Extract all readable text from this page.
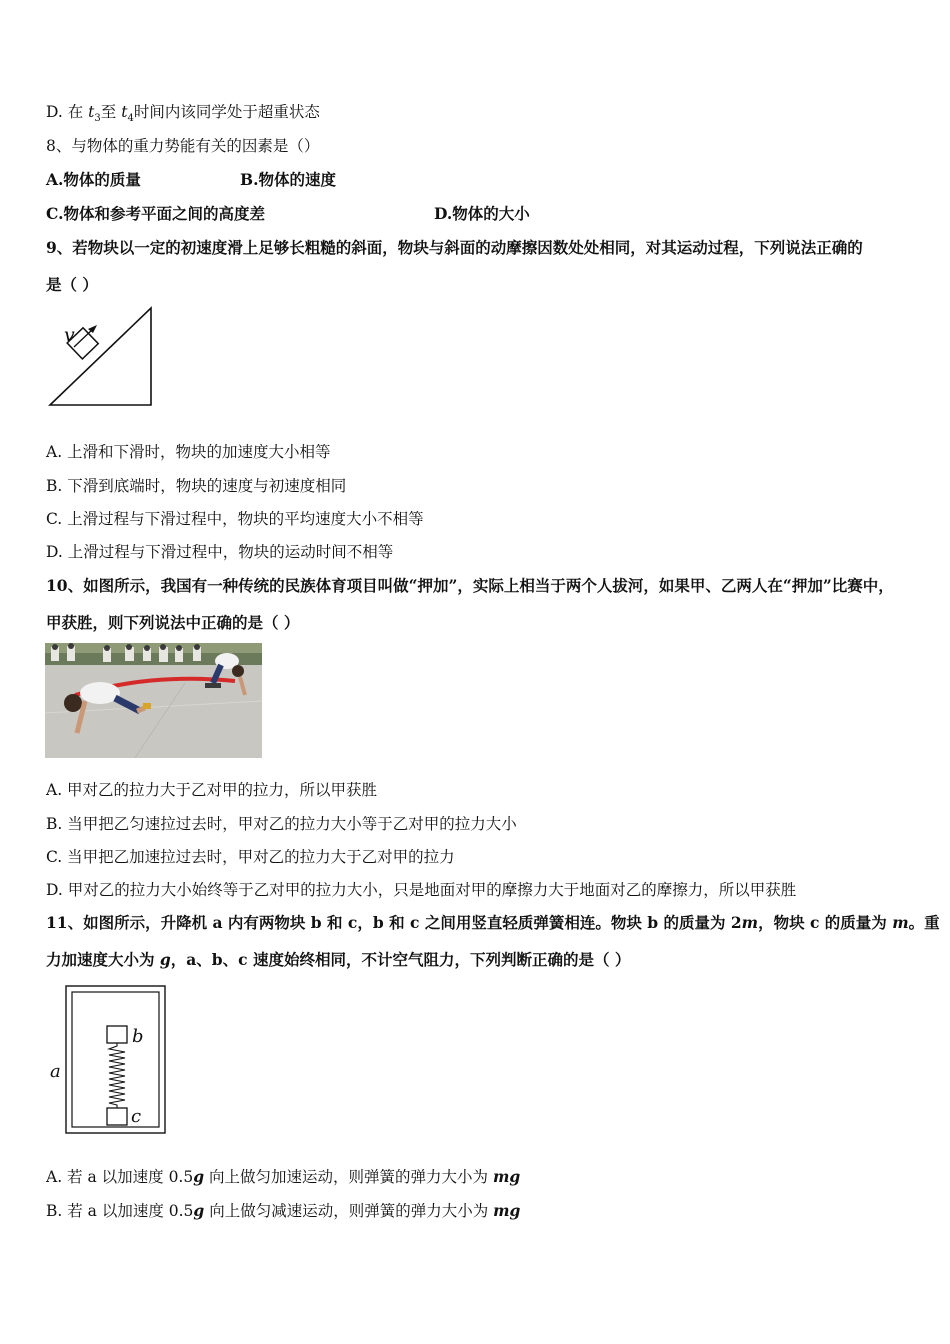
D. 在 $t_3$至 $t_4$时间内该同学处于超重状态
8、与物体的重力势能有关的因素是（）
A.物体的质量	B.物体的速度
C.物体和参考平面之间的高度差	D.物体的大小
9、若物块以一定的初速度滑上足够长粗糙的斜面，物块与斜面的动摩擦因数处处相同，对其运动过程，下列说法正确的
是（ ）
v
A. 上滑和下滑时，物块的加速度大小相等
B. 下滑到底端时，物块的速度与初速度相同
C. 上滑过程与下滑过程中，物块的平均速度大小不相等
D. 上滑过程与下滑过程中，物块的运动时间不相等
10、如图所示，我国有一种传统的民族体育项目叫做“押加”，实际上相当于两个人拔河，如果甲、乙两人在“押加”比赛中，
甲获胜，则下列说法中正确的是（ ）
A. 甲对乙的拉力大于乙对甲的拉力，所以甲获胜
B. 当甲把乙匀速拉过去时，甲对乙的拉力大小等于乙对甲的拉力大小
C. 当甲把乙加速拉过去时，甲对乙的拉力大于乙对甲的拉力
D. 甲对乙的拉力大小始终等于乙对甲的拉力大小，只是地面对甲的摩擦力大于地面对乙的摩擦力，所以甲获胜
11、如图所示，升降机 a 内有两物块 b 和 c，b 和 c 之间用竖直轻质弹簧相连。物块 b 的质量为 2m，物块 c 的质量为 m。重
力加速度大小为 g，a、b、c 速度始终相同，不计空气阻力，下列判断正确的是（ ）
a
b
c
A. 若 a 以加速度 0.5g 向上做匀加速运动，则弹簧的弹力大小为 mg
B. 若 a 以加速度 0.5g 向上做匀减速运动，则弹簧的弹力大小为 mg
